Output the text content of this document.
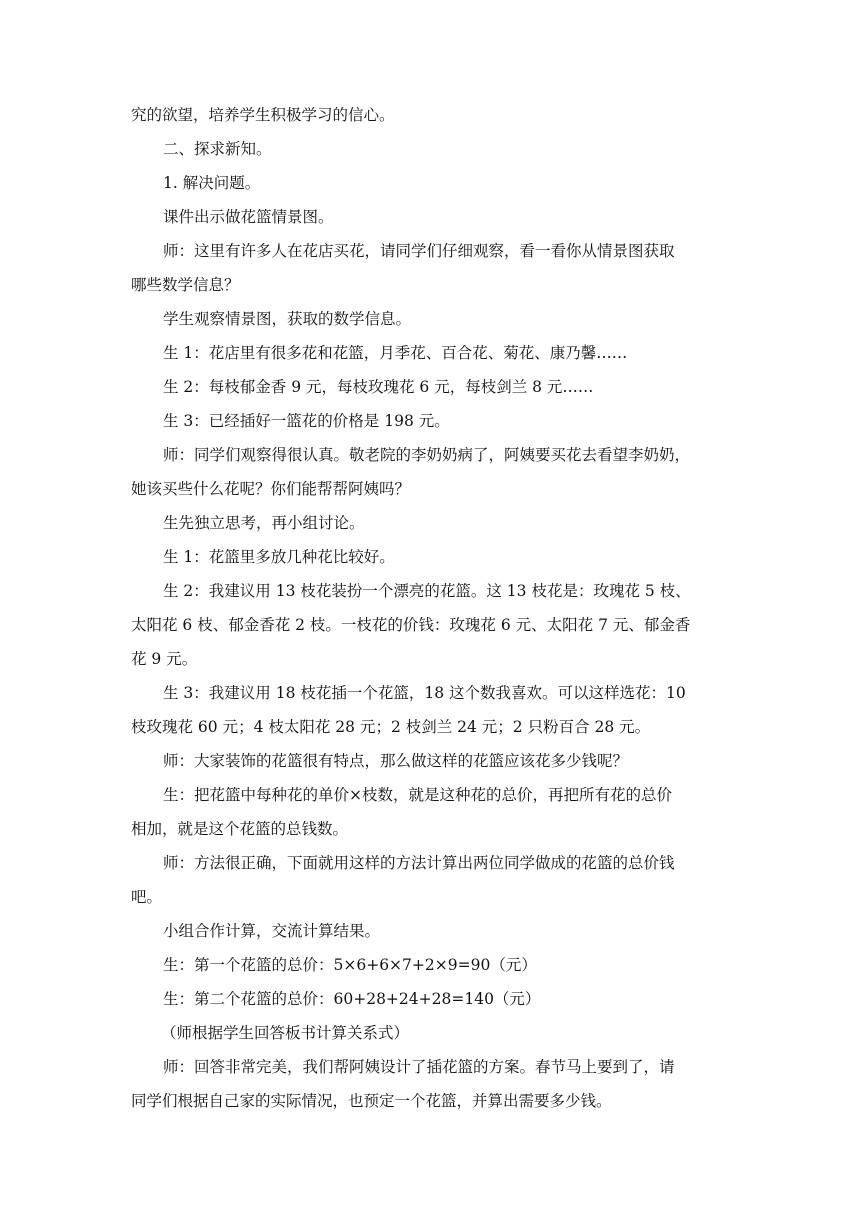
究的欲望，培养学生积极学习的信心。
二、探求新知。
1. 解决问题。
课件出示做花篮情景图。
师：这里有许多人在花店买花，请同学们仔细观察，看一看你从情景图获取
哪些数学信息？
学生观察情景图，获取的数学信息。
生 1：花店里有很多花和花篮，月季花、百合花、菊花、康乃馨……
生 2：每枝郁金香 9 元，每枝玫瑰花 6 元，每枝剑兰 8 元……
生 3：已经插好一篮花的价格是 198 元。
师：同学们观察得很认真。敬老院的李奶奶病了，阿姨要买花去看望李奶奶，
她该买些什么花呢？你们能帮帮阿姨吗？
生先独立思考，再小组讨论。
生 1：花篮里多放几种花比较好。
生 2：我建议用 13 枝花装扮一个漂亮的花篮。这 13 枝花是：玫瑰花 5 枝、
太阳花 6 枝、郁金香花 2 枝。一枝花的价钱：玫瑰花 6 元、太阳花 7 元、郁金香
花 9 元。
生 3：我建议用 18 枝花插一个花篮，18 这个数我喜欢。可以这样选花：10
枝玫瑰花 60 元；4 枝太阳花 28 元；2 枝剑兰 24 元；2 只粉百合 28 元。
师：大家装饰的花篮很有特点，那么做这样的花篮应该花多少钱呢？
生：把花篮中每种花的单价×枝数，就是这种花的总价，再把所有花的总价
相加，就是这个花篮的总钱数。
师：方法很正确，下面就用这样的方法计算出两位同学做成的花篮的总价钱
吧。
小组合作计算，交流计算结果。
生：第一个花篮的总价：5×6+6×7+2×9=90（元）
生：第二个花篮的总价：60+28+24+28=140（元）
（师根据学生回答板书计算关系式）
师：回答非常完美，我们帮阿姨设计了插花篮的方案。春节马上要到了，请
同学们根据自己家的实际情况，也预定一个花篮，并算出需要多少钱。
